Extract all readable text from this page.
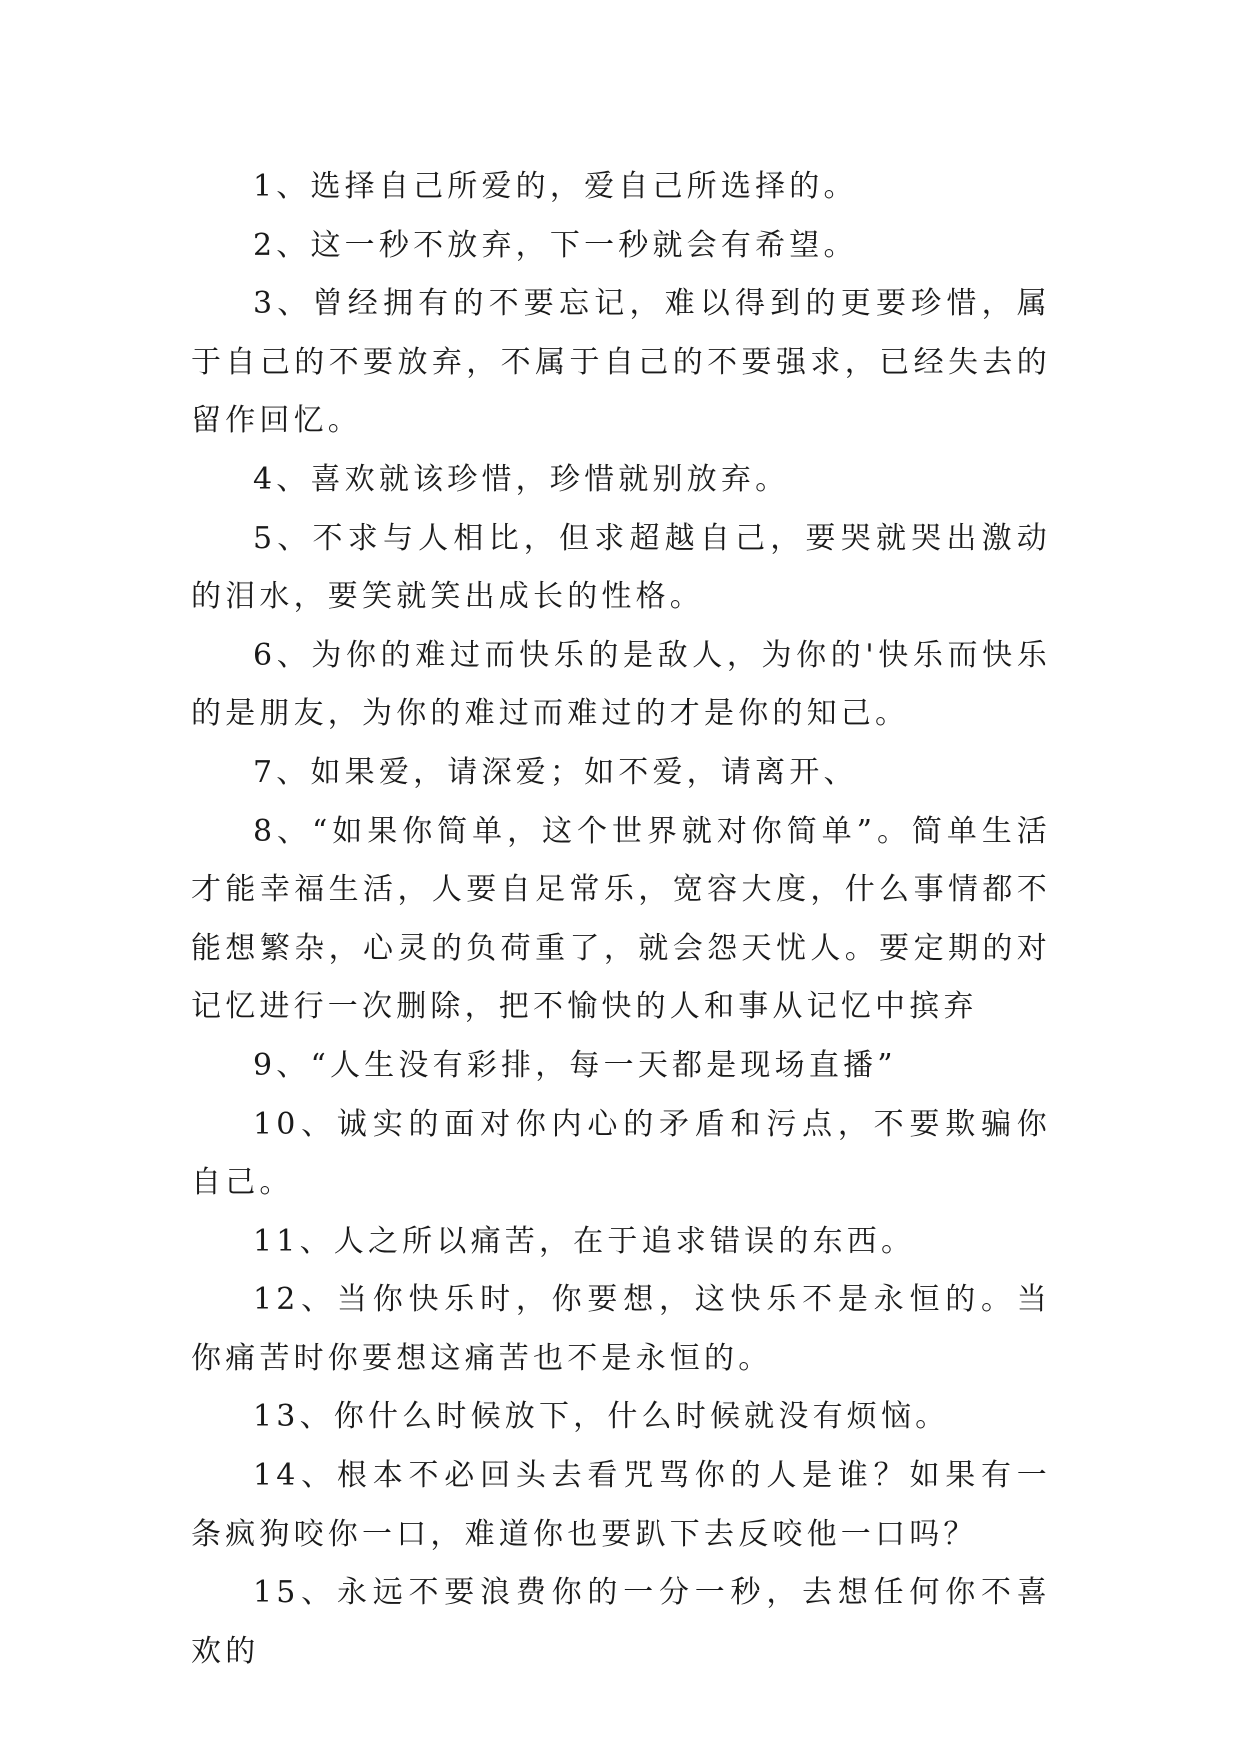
1、选择自己所爱的，爱自己所选择的。

2、这一秒不放弃，下一秒就会有希望。

3、曾经拥有的不要忘记，难以得到的更要珍惜，属于自己的不要放弃，不属于自己的不要强求，已经失去的留作回忆。

4、喜欢就该珍惜，珍惜就别放弃。

5、不求与人相比，但求超越自己，要哭就哭出激动的泪水，要笑就笑出成长的性格。

6、为你的难过而快乐的是敌人，为你的'快乐而快乐的是朋友，为你的难过而难过的才是你的知己。

7、如果爱，请深爱；如不爱，请离开、

8、“如果你简单，这个世界就对你简单”。简单生活才能幸福生活，人要自足常乐，宽容大度，什么事情都不能想繁杂，心灵的负荷重了，就会怨天忧人。要定期的对记忆进行一次删除，把不愉快的人和事从记忆中摈弃

9、“人生没有彩排，每一天都是现场直播”

10、诚实的面对你内心的矛盾和污点，不要欺骗你自己。

11、人之所以痛苦，在于追求错误的东西。

12、当你快乐时，你要想，这快乐不是永恒的。当你痛苦时你要想这痛苦也不是永恒的。

13、你什么时候放下，什么时候就没有烦恼。

14、根本不必回头去看咒骂你的人是谁？如果有一条疯狗咬你一口，难道你也要趴下去反咬他一口吗？

15、永远不要浪费你的一分一秒，去想任何你不喜欢的
